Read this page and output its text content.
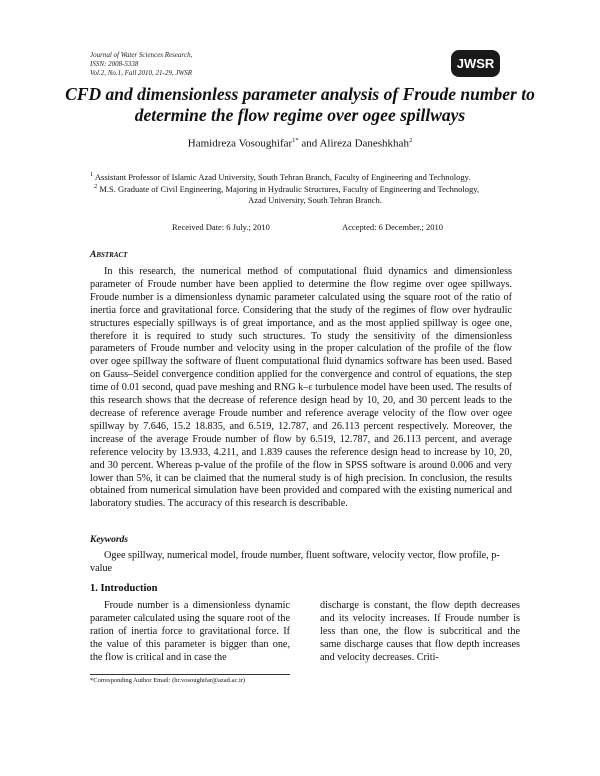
Journal of Water Sciences Research,
ISSN: 2008-5338
Vol.2, No.1, Fall 2010, 21-29, JWSR
JWSR
CFD and dimensionless parameter analysis of Froude number to determine the flow regime over ogee spillways
Hamidreza Vosoughifar$^{1*}$ and Alireza Daneshkhah$^2$
$^1$ Assistant Professor of Islamic Azad University, South Tehran Branch, Faculty of Engineering and Technology.
$^2$ M.S. Graduate of Civil Engineering, Majoring in Hydraulic Structures, Faculty of Engineering and Technology,
Azad University, South Tehran Branch.
Received Date: 6 July.; 2010	Accepted: 6 December.; 2010
Abstract

In this research, the numerical method of computational fluid dynamics and dimensionless parameter of Froude number have been applied to determine the flow regime over ogee spillways. Froude number is a dimensionless dynamic parameter calculated using the square root of the ratio of inertia force and gravitational force. Considering that the study of the regimes of flow over hydraulic structures especially spillways is of great importance, and as the most applied spillway is ogee one, therefore it is required to study such structures. To study the sensitivity of the dimensionless parameters of Froude number and velocity using in the proper calculation of the profile of the flow over ogee spillway the software of fluent computational fluid dynamics software has been used. Based on Gauss–Seidel convergence condition applied for the convergence and control of equations, the step time of 0.01 second, quad pave meshing and RNG k–ε turbulence model have been used. The results of this research shows that the decrease of reference design head by 10, 20, and 30 percent leads to the decrease of reference average Froude number and reference average velocity of the flow over ogee spillway by 7.646, 15.2 18.835, and 6.519, 12.787, and 26.113 percent respectively. Moreover, the increase of the average Froude number of flow by 6.519, 12.787, and 26.113 percent, and average reference velocity by 13.933, 4.211, and 1.839 causes the reference design head to increase by 10, 20, and 30 percent. Whereas p-value of the profile of the flow in SPSS software is around 0.006 and very lower than 5%, it can be claimed that the numeral study is of high precision. In conclusion, the results obtained from numerical simulation have been provided and compared with the existing numerical and laboratory studies. The accuracy of this research is describable.

Keywords

Ogee spillway, numerical model, froude number, fluent software, velocity vector, flow profile, p-value

1. Introduction

Froude number is a dimensionless dynamic parameter calculated using the square root of the ration of inertia force to gravitational force. If the value of this parameter is bigger than one, the flow is critical and in case the

discharge is constant, the flow depth decreases and its velocity increases. If Froude number is less than one, the flow is subcritical and the same discharge causes that flow depth increases and velocity decreases. Criti-

*Corresponding Author Email: (hr.vosoughifar@azad.ac.ir)
